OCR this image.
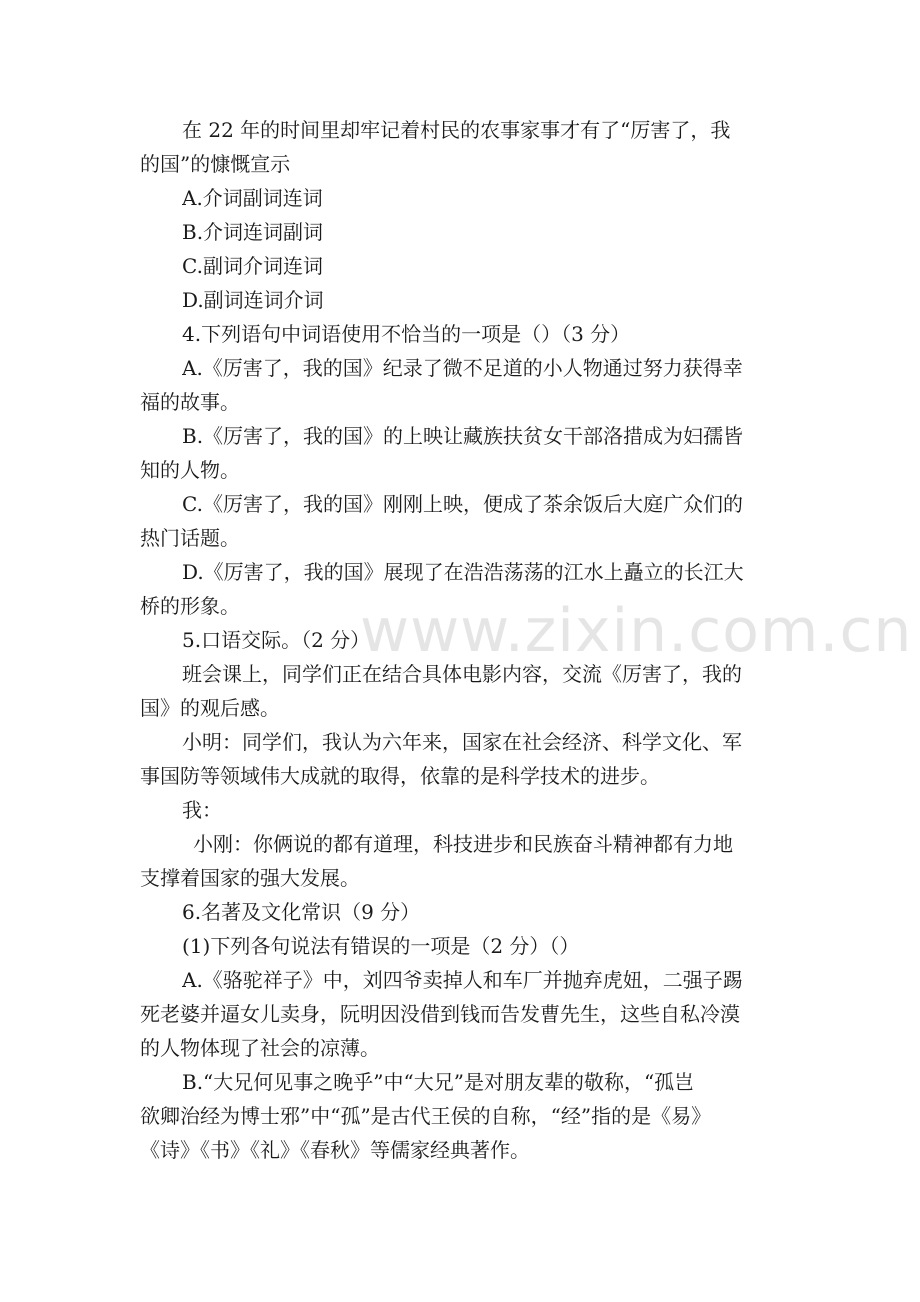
www.zixin.com.cn
在 22 年的时间里却牢记着村民的农事家事才有了“厉害了，我
的国”的慷慨宣示
A.介词副词连词
B.介词连词副词
C.副词介词连词
D.副词连词介词
4.下列语句中词语使用不恰当的一项是（）（3 分）
A.《厉害了，我的国》纪录了微不足道的小人物通过努力获得幸
福的故事。
B.《厉害了，我的国》的上映让藏族扶贫女干部洛措成为妇孺皆
知的人物。
C.《厉害了，我的国》刚刚上映，便成了茶余饭后大庭广众们的
热门话题。
D.《厉害了，我的国》展现了在浩浩荡荡的江水上矗立的长江大
桥的形象。
5.口语交际。（2 分）
班会课上，同学们正在结合具体电影内容，交流《厉害了，我的
国》的观后感。
小明：同学们，我认为六年来，国家在社会经济、科学文化、军
事国防等领域伟大成就的取得，依靠的是科学技术的进步。
我：
小刚：你俩说的都有道理，科技进步和民族奋斗精神都有力地
支撑着国家的强大发展。
6.名著及文化常识（9 分）
(1)下列各句说法有错误的一项是（2 分）（）
A.《骆驼祥子》中，刘四爷卖掉人和车厂并抛弃虎妞，二强子踢
死老婆并逼女儿卖身，阮明因没借到钱而告发曹先生，这些自私冷漠
的人物体现了社会的凉薄。
B.“大兄何见事之晚乎”中“大兄”是对朋友辈的敬称，“孤岂
欲卿治经为博士邪”中“孤”是古代王侯的自称，“经”指的是《易》
《诗》《书》《礼》《春秋》等儒家经典著作。
